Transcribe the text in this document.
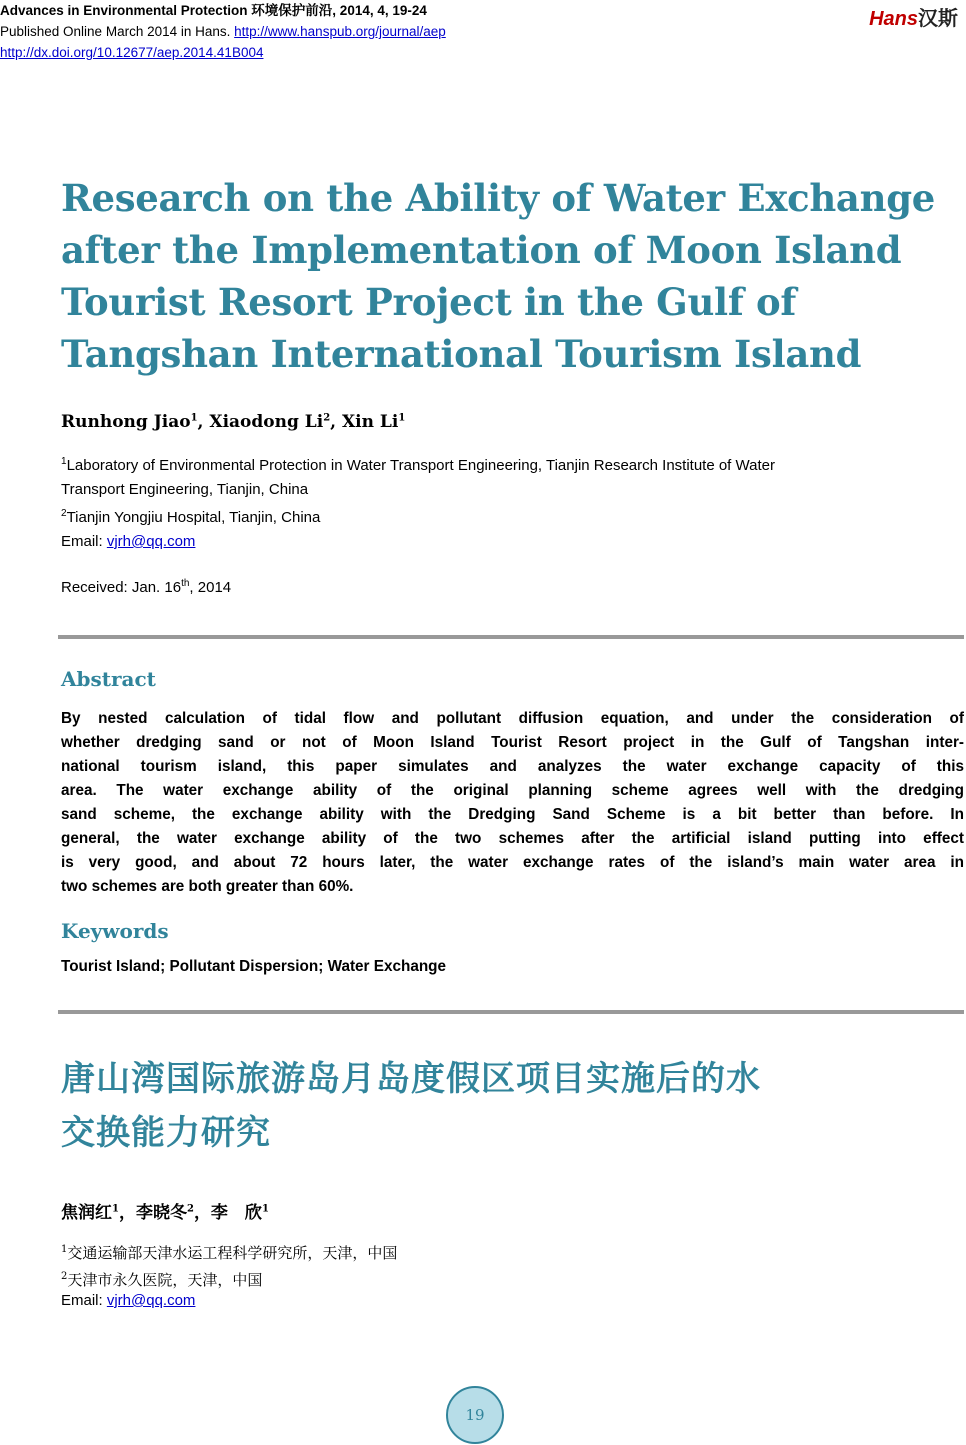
Advances in Environmental Protection 环境保护前沿, 2014, 4, 19-24
Published Online March 2014 in Hans. http://www.hanspub.org/journal/aep
http://dx.doi.org/10.12677/aep.2014.41B004
Hans汉斯
Research on the Ability of Water Exchange
after the Implementation of Moon Island
Tourist Resort Project in the Gulf of
Tangshan International Tourism Island
Runhong Jiao$^1$, Xiaodong Li$^2$, Xin Li$^1$
$^1$Laboratory of Environmental Protection in Water Transport Engineering, Tianjin Research Institute of Water
Transport Engineering, Tianjin, China
$^2$Tianjin Yongjiu Hospital, Tianjin, China
Email: vjrh@qq.com
Received: Jan. 16th, 2014
Abstract
By nested calculation of tidal flow and pollutant diffusion equation, and under the consideration of
whether dredging sand or not of Moon Island Tourist Resort project in the Gulf of Tangshan inter-
national tourism island, this paper simulates and analyzes the water exchange capacity of this
area. The water exchange ability of the original planning scheme agrees well with the dredging
sand scheme, the exchange ability with the Dredging Sand Scheme is a bit better than before. In
general, the water exchange ability of the two schemes after the artificial island putting into effect
is very good, and about 72 hours later, the water exchange rates of the island’s main water area in
two schemes are both greater than 60%.
Keywords
Tourist Island; Pollutant Dispersion; Water Exchange
唐山湾国际旅游岛月岛度假区项目实施后的水
交换能力研究
焦润红$^1$，李晓冬$^2$，李　欣$^1$
$^1$交通运输部天津水运工程科学研究所，天津，中国
$^2$天津市永久医院，天津，中国
Email: vjrh@qq.com
19
